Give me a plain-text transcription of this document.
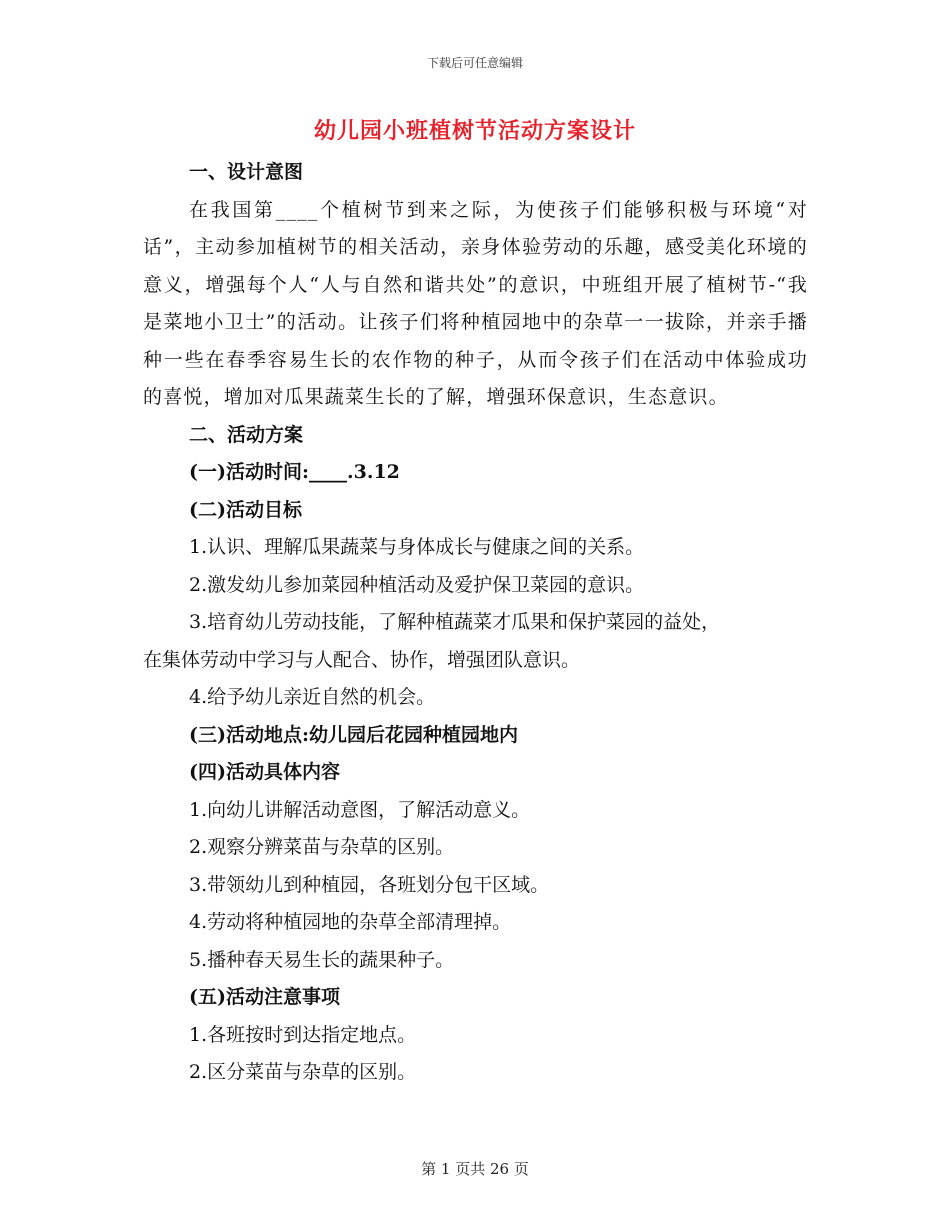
下载后可任意编辑
幼儿园小班植树节活动方案设计
一、设计意图
在我国第____个植树节到来之际，为使孩子们能够积极与环境“对话”，主动参加植树节的相关活动，亲身体验劳动的乐趣，感受美化环境的意义，增强每个人“人与自然和谐共处”的意识，中班组开展了植树节-“我是菜地小卫士”的活动。让孩子们将种植园地中的杂草一一拔除，并亲手播种一些在春季容易生长的农作物的种子，从而令孩子们在活动中体验成功的喜悦，增加对瓜果蔬菜生长的了解，增强环保意识，生态意识。
二、活动方案
(一)活动时间:____.3.12
(二)活动目标
1.认识、理解瓜果蔬菜与身体成长与健康之间的关系。
2.激发幼儿参加菜园种植活动及爱护保卫菜园的意识。
3.培育幼儿劳动技能，了解种植蔬菜才瓜果和保护菜园的益处，
在集体劳动中学习与人配合、协作，增强团队意识。
4.给予幼儿亲近自然的机会。
(三)活动地点:幼儿园后花园种植园地内
(四)活动具体内容
1.向幼儿讲解活动意图，了解活动意义。
2.观察分辨菜苗与杂草的区别。
3.带领幼儿到种植园，各班划分包干区域。
4.劳动将种植园地的杂草全部清理掉。
5.播种春天易生长的蔬果种子。
(五)活动注意事项
1.各班按时到达指定地点。
2.区分菜苗与杂草的区别。
第 1 页共 26 页
